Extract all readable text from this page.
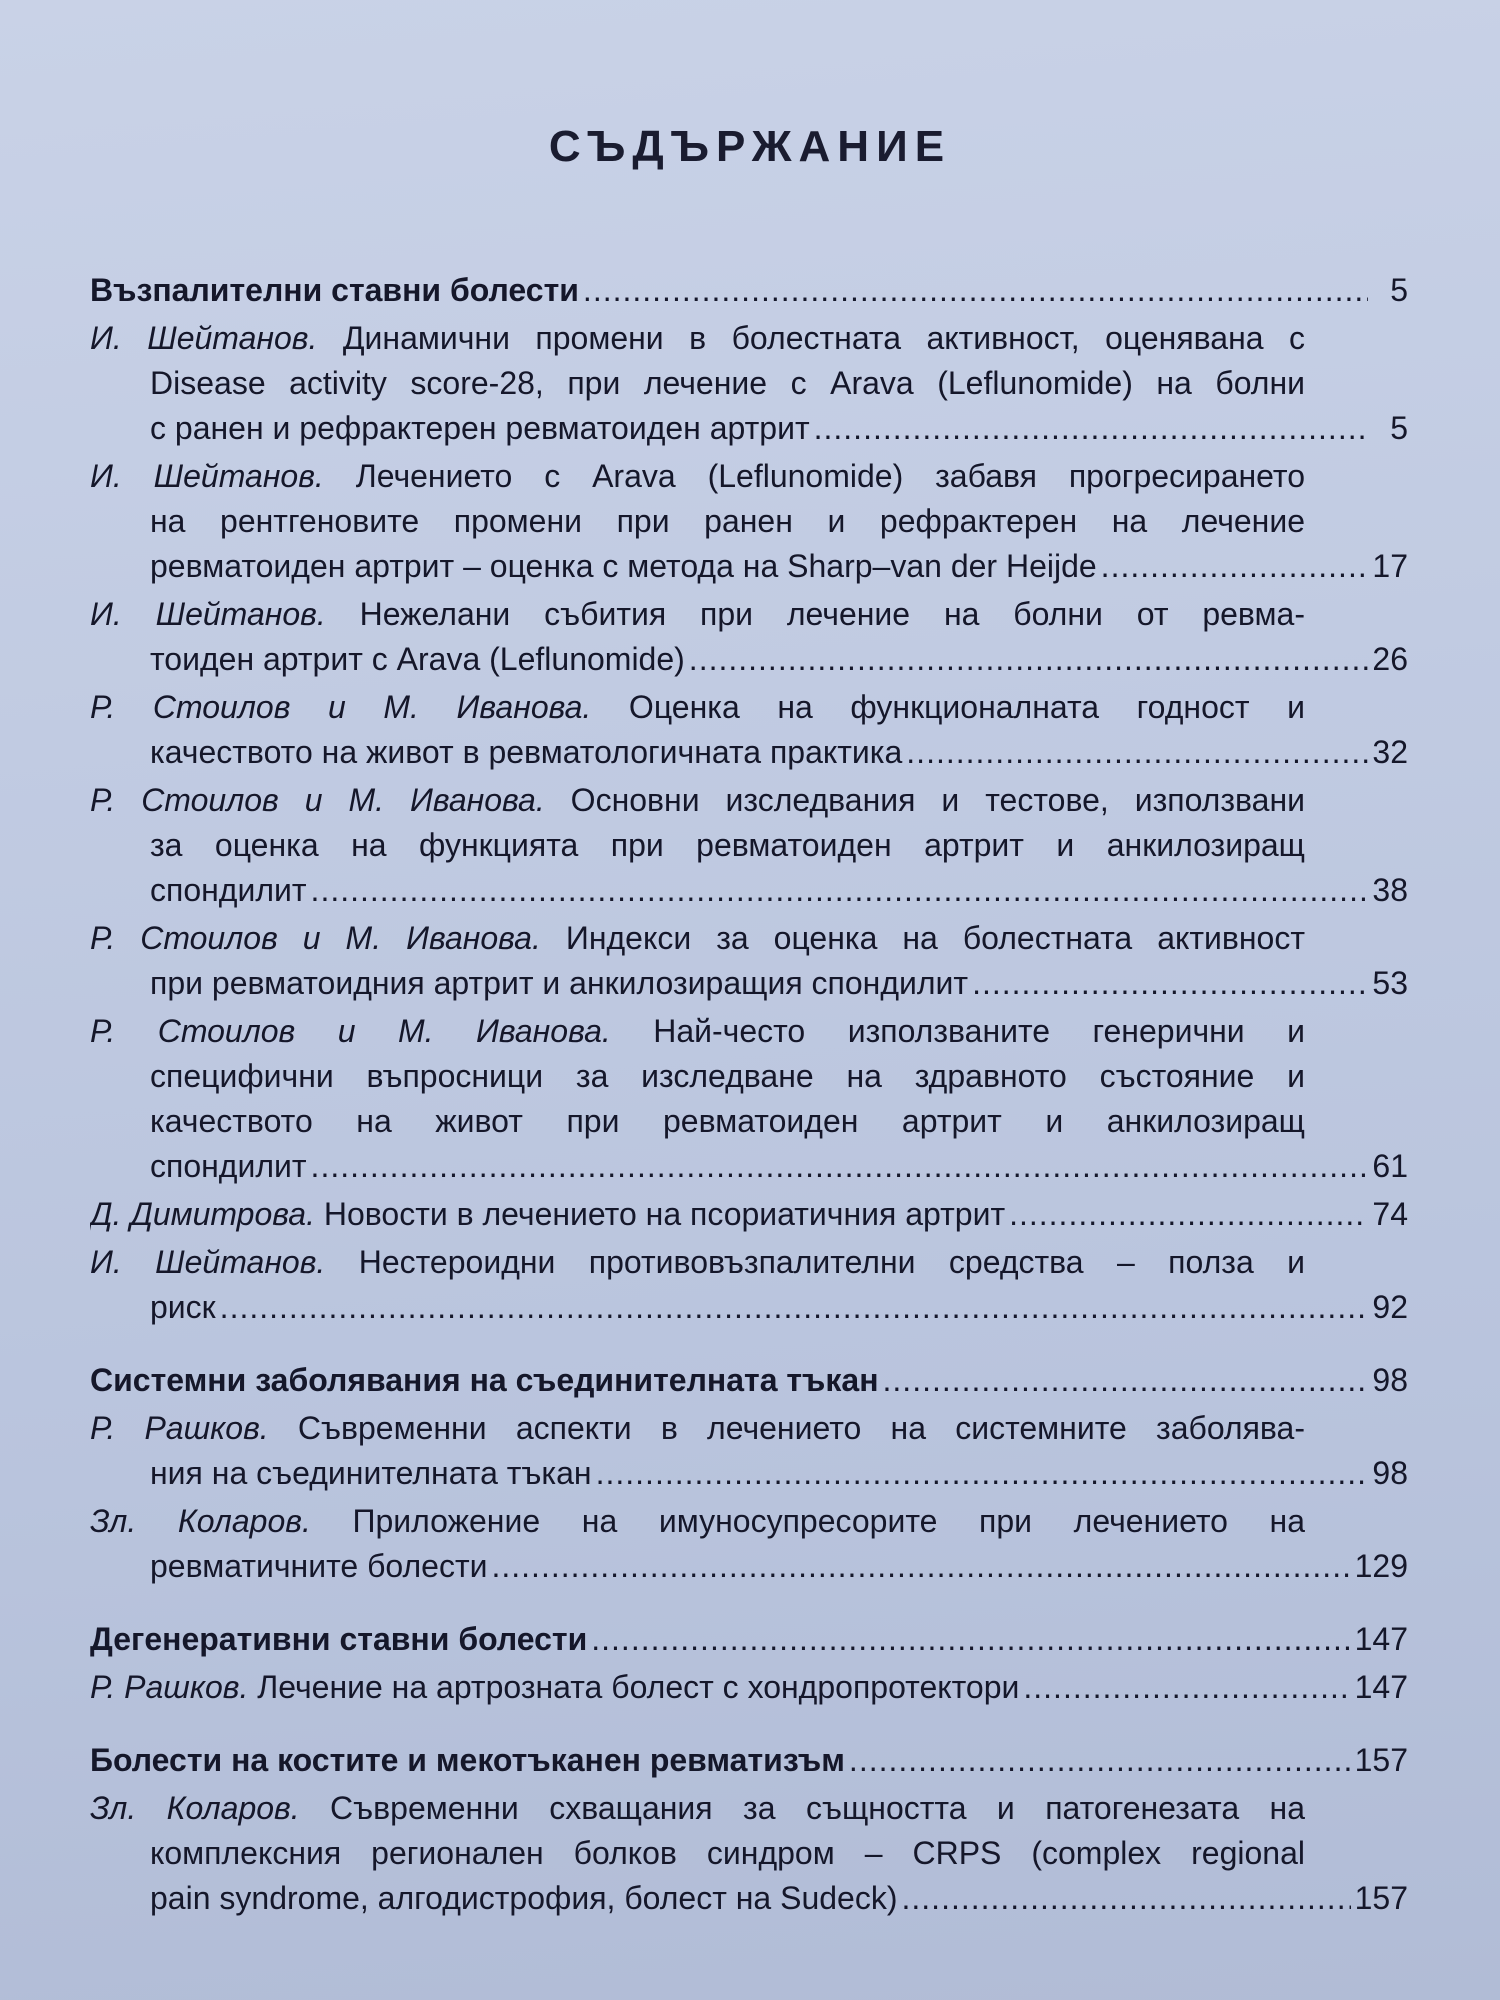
СЪДЪРЖАНИЕ
Възпалителни ставни болести .....	5
И. Шейтанов. Динамични промени в болестната активност, оценявана с
Disease activity score-28, при лечение с Arava (Leflunomide) на болни
с ранен и рефрактерен ревматоиден артрит .....	5
И. Шейтанов. Лечението с Arava (Leflunomide) забавя прогресирането
на рентгеновите промени при ранен и рефрактерен на лечение
ревматоиден артрит – оценка с метода на Sharp–van der Heijde .....	17
И. Шейтанов. Нежелани събития при лечение на болни от ревма-
тоиден артрит с Arava (Leflunomide) .....	26
Р. Стоилов и М. Иванова. Оценка на функционалната годност и
качеството на живот в ревматологичната практика .....	32
Р. Стоилов и М. Иванова. Основни изследвания и тестове, използвани
за оценка на функцията при ревматоиден артрит и анкилозиращ
спондилит .....	38
Р. Стоилов и М. Иванова. Индекси за оценка на болестната активност
при ревматоидния артрит и анкилозиращия спондилит .....	53
Р. Стоилов и М. Иванова. Най-често използваните генерични и
специфични въпросници за изследване на здравното състояние и
качеството на живот при ревматоиден артрит и анкилозиращ
спондилит .....	61
Д. Димитрова. Новости в лечението на псориатичния артрит .....	74
И. Шейтанов. Нестероидни противовъзпалителни средства – полза и
риск .....	92
Системни заболявания на съединителната тъкан .....	98
Р. Рашков. Съвременни аспекти в лечението на системните заболява-
ния на съединителната тъкан .....	98
Зл. Коларов. Приложение на имуносупресорите при лечението на
ревматичните болести .....	129
Дегенеративни ставни болести .....	147
Р. Рашков. Лечение на артрозната болест с хондропротектори .....	147
Болести на костите и мекотъканен ревматизъм .....	157
Зл. Коларов. Съвременни схващания за същността и патогенезата на
комплексния регионален болков синдром – CRPS (complex regional
pain syndrome, алгодистрофия, болест на Sudeck) .....	157
